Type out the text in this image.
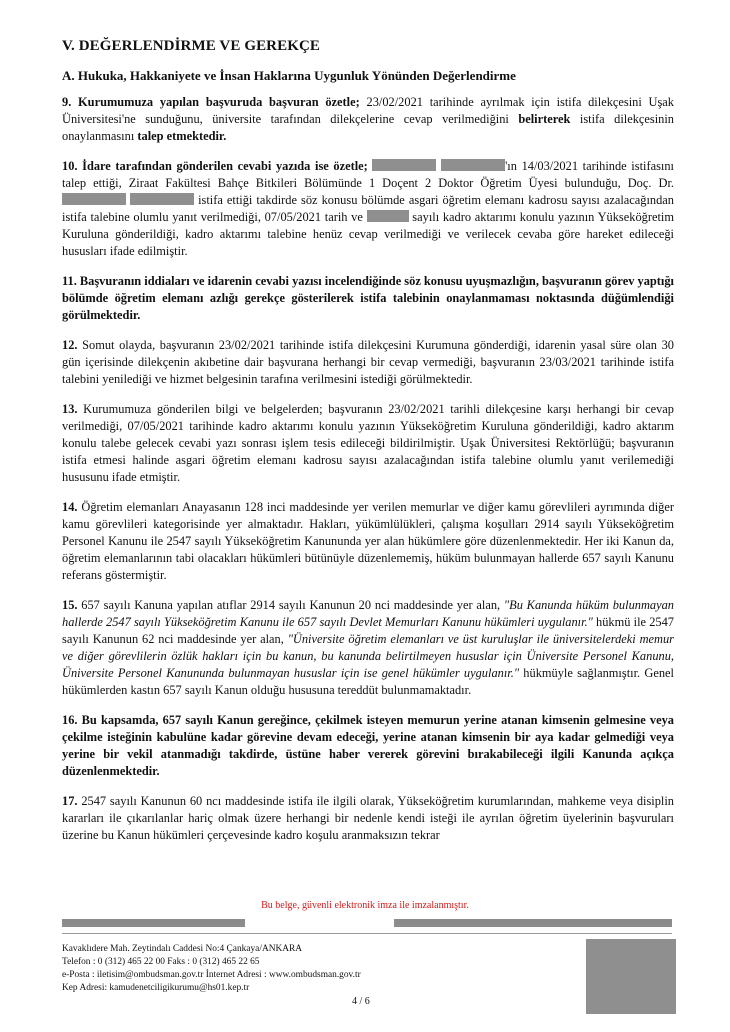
V. DEĞERLENDİRME VE GEREKÇE
A. Hukuka, Hakkaniyete ve İnsan Haklarına Uygunluk Yönünden Değerlendirme

9. Kurumumuza yapılan başvuruda başvuran özetle; 23/02/2021 tarihinde ayrılmak için istifa dilekçesini Uşak Üniversitesi'ne sunduğunu, üniversite tarafından dilekçelerine cevap verilmediğini belirterek istifa dilekçesinin onaylanmasını talep etmektedir.

10. İdare tarafından gönderilen cevabi yazıda ise özetle;	'ın 14/03/2021 tarihinde istifasını talep ettiği, Ziraat Fakültesi Bahçe Bitkileri Bölümünde 1 Doçent 2 Doktor Öğretim Üyesi bulunduğu, Doç. Dr.   istifa ettiği takdirde söz konusu bölümde asgari öğretim elemanı kadrosu sayısı azalacağından istifa talebine olumlu yanıt verilmediği, 07/05/2021 tarih ve	sayılı kadro aktarımı konulu yazının Yükseköğretim Kuruluna gönderildiği, kadro aktarımı talebine henüz cevap verilmediği ve verilecek cevaba göre hareket edileceği hususları ifade edilmiştir.

11. Başvuranın iddiaları ve idarenin cevabi yazısı incelendiğinde söz konusu uyuşmazlığın, başvuranın görev yaptığı bölümde öğretim elemanı azlığı gerekçe gösterilerek istifa talebinin onaylanmaması noktasında düğümlendiği görülmektedir.

12. Somut olayda, başvuranın 23/02/2021 tarihinde istifa dilekçesini Kurumuna gönderdiği, idarenin yasal süre olan 30 gün içerisinde dilekçenin akıbetine dair başvurana herhangi bir cevap vermediği, başvuranın 23/03/2021 tarihinde istifa talebini yenilediği ve hizmet belgesinin tarafına verilmesini istediği görülmektedir.

13. Kurumumuza gönderilen bilgi ve belgelerden; başvuranın 23/02/2021 tarihli dilekçesine karşı herhangi bir cevap verilmediği, 07/05/2021 tarihinde kadro aktarımı konulu yazının Yükseköğretim Kuruluna gönderildiği, kadro aktarım konulu talebe gelecek cevabi yazı sonrası işlem tesis edileceği bildirilmiştir. Uşak Üniversitesi Rektörlüğü; başvuranın istifa etmesi halinde asgari öğretim elemanı kadrosu sayısı azalacağından istifa talebine olumlu yanıt verilemediği hususunu ifade etmiştir.

14. Öğretim elemanları Anayasanın 128 inci maddesinde yer verilen memurlar ve diğer kamu görevlileri ayrımında diğer kamu görevlileri kategorisinde yer almaktadır. Hakları, yükümlülükleri, çalışma koşulları 2914 sayılı Yükseköğretim Personel Kanunu ile 2547 sayılı Yükseköğretim Kanununda yer alan hükümlere göre düzenlenmektedir. Her iki Kanun da, öğretim elemanlarının tabi olacakları hükümleri bütünüyle düzenlememiş, hüküm bulunmayan hallerde 657 sayılı Kanunu referans göstermiştir.

15. 657 sayılı Kanuna yapılan atıflar 2914 sayılı Kanunun 20 nci maddesinde yer alan, "Bu Kanunda hüküm bulunmayan hallerde 2547 sayılı Yükseköğretim Kanunu ile 657 sayılı Devlet Memurları Kanunu hükümleri uygulanır." hükmü ile 2547 sayılı Kanunun 62 nci maddesinde yer alan, "Üniversite öğretim elemanları ve üst kuruluşlar ile üniversitelerdeki memur ve diğer görevlilerin özlük hakları için bu kanun, bu kanunda belirtilmeyen hususlar için Üniversite Personel Kanunu, Üniversite Personel Kanununda bulunmayan hususlar için ise genel hükümler uygulanır." hükmüyle sağlanmıştır. Genel hükümlerden kastın 657 sayılı Kanun olduğu hususuna tereddüt bulunmamaktadır.

16. Bu kapsamda, 657 sayılı Kanun gereğince, çekilmek isteyen memurun yerine atanan kimsenin gelmesine veya çekilme isteğinin kabulüne kadar görevine devam edeceği, yerine atanan kimsenin bir aya kadar gelmediği veya yerine bir vekil atanmadığı takdirde, üstüne haber vererek görevini bırakabileceği ilgili Kanunda açıkça düzenlenmektedir.

17. 2547 sayılı Kanunun 60 ncı maddesinde istifa ile ilgili olarak, Yükseköğretim kurumlarından, mahkeme veya disiplin kararları ile çıkarılanlar hariç olmak üzere herhangi bir nedenle kendi isteği ile ayrılan öğretim üyelerinin başvuruları üzerine bu Kanun hükümleri çerçevesinde kadro koşulu aranmaksızın tekrar

Bu belge, güvenli elektronik imza ile imzalanmıştır.
Kavaklıdere Mah. Zeytindalı Caddesi No:4 Çankaya/ANKARA
Telefon : 0 (312) 465 22 00 Faks : 0 (312) 465 22 65
e-Posta : iletisim@ombudsman.gov.tr İnternet Adresi : www.ombudsman.gov.tr
Kep Adresi: kamudenetciligikurumu@hs01.kep.tr
4 / 6
